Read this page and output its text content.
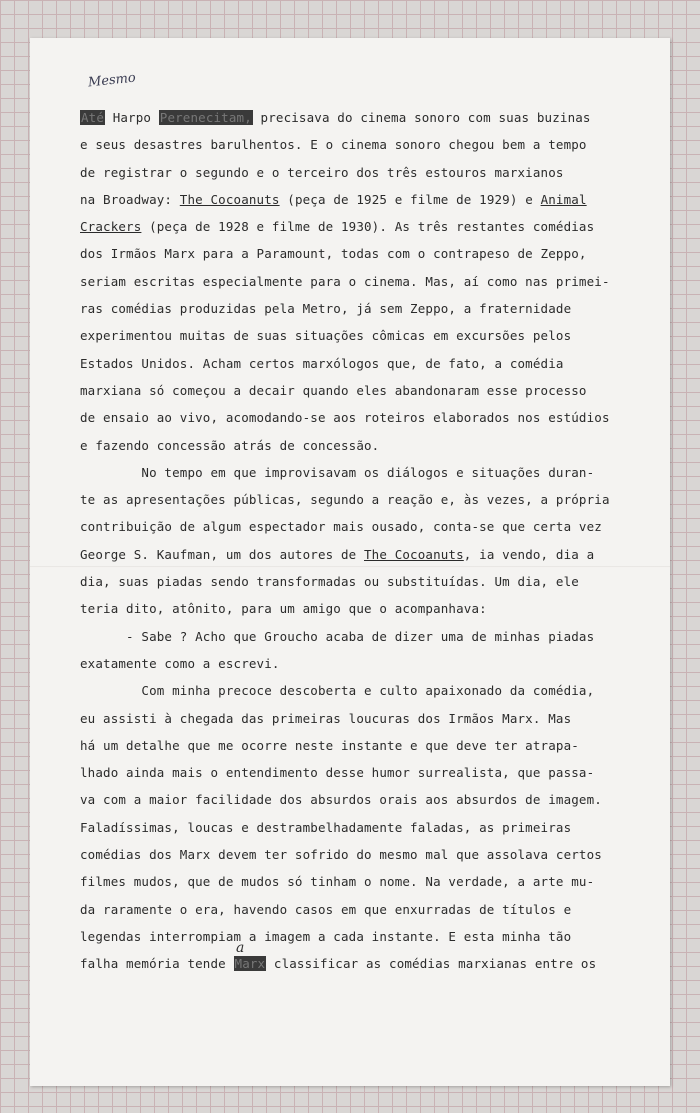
Mesmo
a
Até Harpo Perenecitam, precisava do cinema sonoro com suas buzinas
e seus desastres barulhentos. E o cinema sonoro chegou bem a tempo
de registrar o segundo e o terceiro dos três estouros marxianos
na Broadway: The Cocoanuts (peça de 1925 e filme de 1929) e Animal
Crackers (peça de 1928 e filme de 1930). As três restantes comédias
dos Irmãos Marx para a Paramount, todas com o contrapeso de Zeppo,
seriam escritas especialmente para o cinema. Mas, aí como nas primei-
ras comédias produzidas pela Metro, já sem Zeppo, a fraternidade
experimentou muitas de suas situações cômicas em excursões pelos
Estados Unidos. Acham certos marxólogos que, de fato, a comédia
marxiana só começou a decair quando eles abandonaram esse processo
de ensaio ao vivo, acomodando-se aos roteiros elaborados nos estúdios
e fazendo concessão atrás de concessão.
No tempo em que improvisavam os diálogos e situações duran-
te as apresentações públicas, segundo a reação e, às vezes, a própria
contribuição de algum espectador mais ousado, conta-se que certa vez
George S. Kaufman, um dos autores de The Cocoanuts, ia vendo, dia a
dia, suas piadas sendo transformadas ou substituídas. Um dia, ele
teria dito, atônito, para um amigo que o acompanhava:
- Sabe ? Acho que Groucho acaba de dizer uma de minhas piadas
exatamente como a escrevi.
Com minha precoce descoberta e culto apaixonado da comédia,
eu assisti à chegada das primeiras loucuras dos Irmãos Marx. Mas
há um detalhe que me ocorre neste instante e que deve ter atrapa-
lhado ainda mais o entendimento desse humor surrealista, que passa-
va com a maior facilidade dos absurdos orais aos absurdos de imagem.
Faladíssimas, loucas e destrambelhadamente faladas, as primeiras
comédias dos Marx devem ter sofrido do mesmo mal que assolava certos
filmes mudos, que de mudos só tinham o nome. Na verdade, a arte mu-
da raramente o era, havendo casos em que enxurradas de títulos e
legendas interrompiam a imagem a cada instante. E esta minha tão
falha memória tende Marx classificar as comédias marxianas entre os
